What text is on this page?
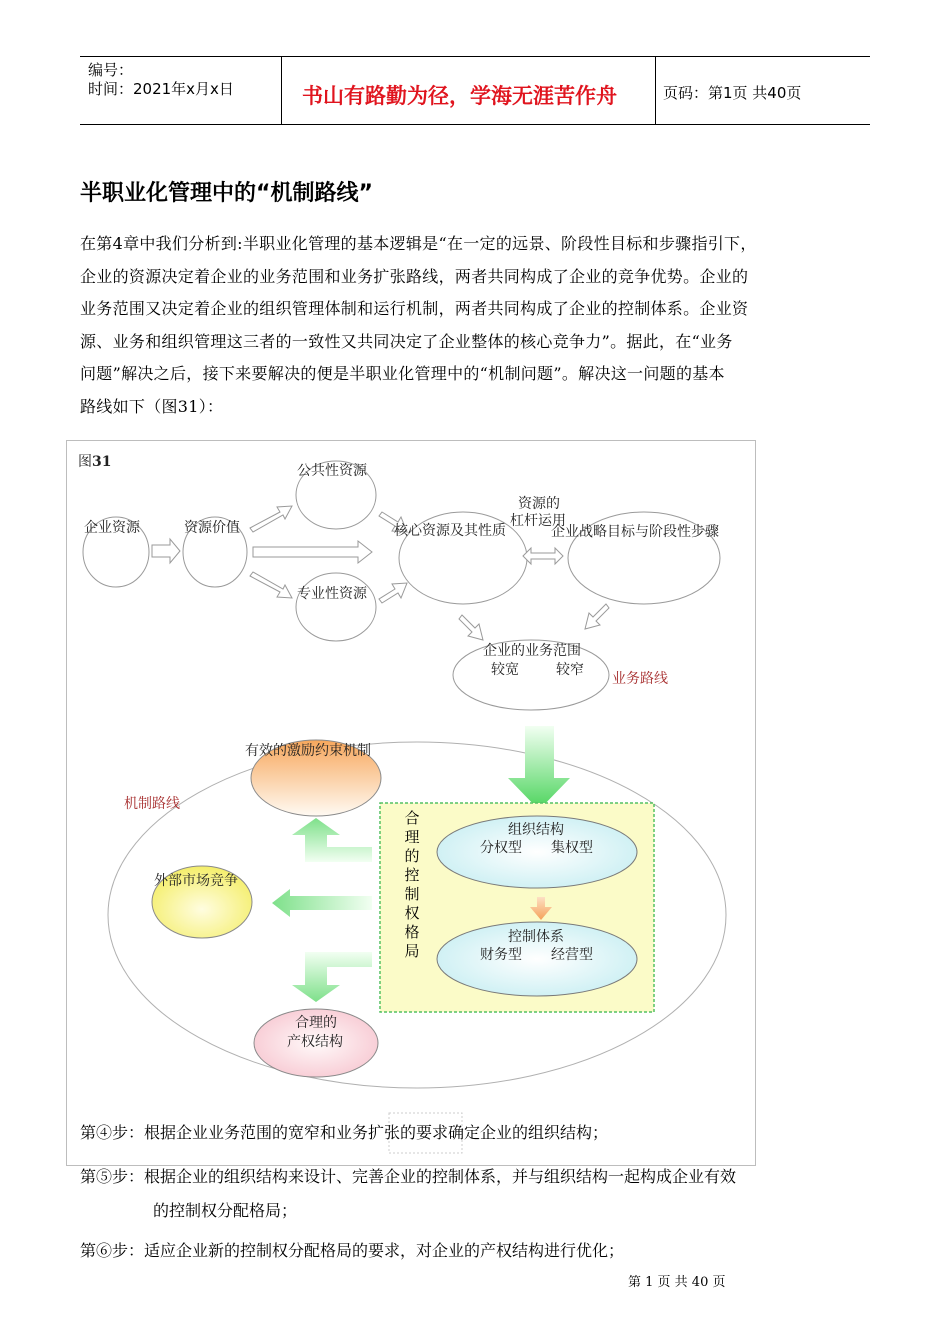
编号：
时间：2021年x月x日	书山有路勤为径，学海无涯苦作舟	页码：第1页 共40页
半职业化管理中的“机制路线”
在第4章中我们分析到:半职业化管理的基本逻辑是“在一定的远景、阶段性目标和步骤指引下，
企业的资源决定着企业的业务范围和业务扩张路线，两者共同构成了企业的竞争优势。企业的
业务范围又决定着企业的组织管理体制和运行机制，两者共同构成了企业的控制体系。企业资
源、业务和组织管理这三者的一致性又共同决定了企业整体的核心竞争力”。据此，在“业务
问题”解决之后，接下来要解决的便是半职业化管理中的“机制问题”。解决这一问题的基本
路线如下（图31）：
图31
企业资源	资源价值
公共性资源
专业性资源
核心资源及其性质
资源的
杠杆运用
企业战略目标与阶段性步骤
企业的业务范围
较宽	较窄
业务路线
机制路线
有效的激励约束机制
外部市场竞争
合理的
产权结构
合理的控制权格局
组织结构
分权型 集权型
控制体系
财务型 经营型
第④步：根据企业业务范围的宽窄和业务扩张的要求确定企业的组织结构；
第⑤步：根据企业的组织结构来设计、完善企业的控制体系，并与组织结构一起构成企业有效
的控制权分配格局；
第⑥步：适应企业新的控制权分配格局的要求，对企业的产权结构进行优化；
第 1 页 共 40 页
